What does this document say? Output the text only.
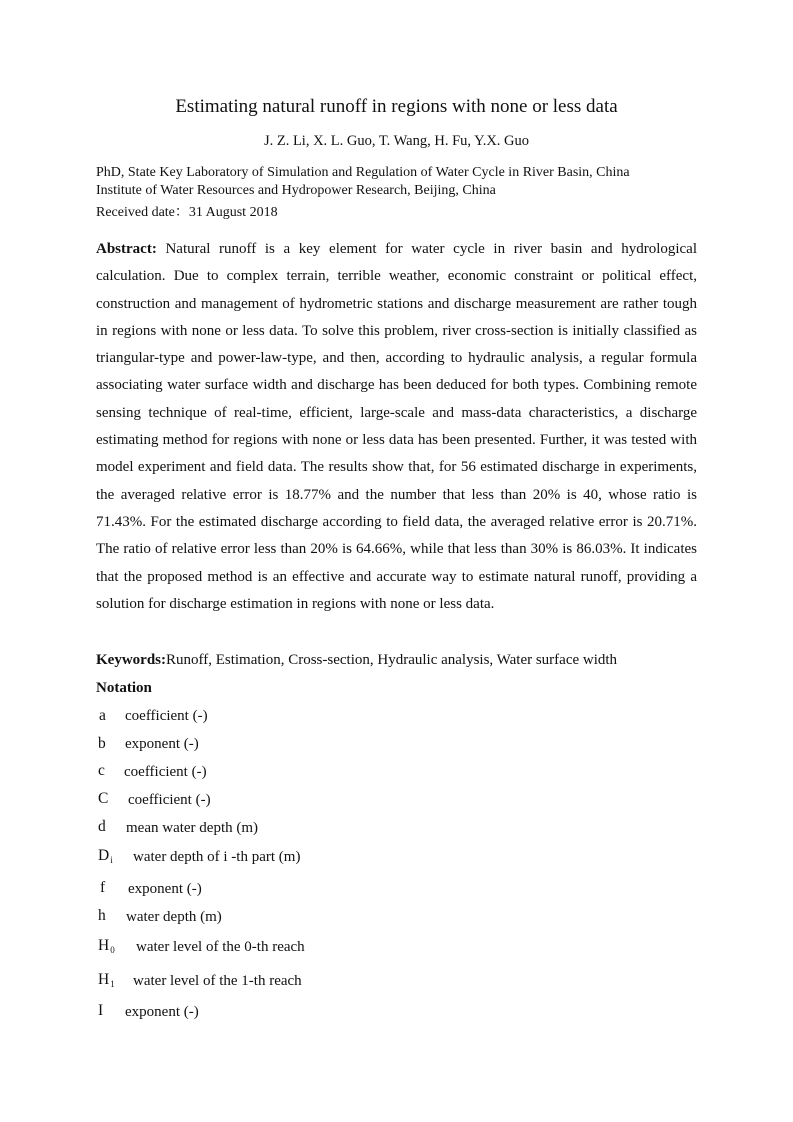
Estimating natural runoff in regions with none or less data
J. Z. Li, X. L. Guo, T. Wang, H. Fu, Y.X. Guo
PhD, State Key Laboratory of Simulation and Regulation of Water Cycle in River Basin, China
Institute of Water Resources and Hydropower Research, Beijing, China
Received date：31 August 2018
Abstract: Natural runoff is a key element for water cycle in river basin and hydrological calculation. Due to complex terrain, terrible weather, economic constraint or political effect, construction and management of hydrometric stations and discharge measurement are rather tough in regions with none or less data. To solve this problem, river cross-section is initially classified as triangular-type and power-law-type, and then, according to hydraulic analysis, a regular formula associating water surface width and discharge has been deduced for both types. Combining remote sensing technique of real-time, efficient, large-scale and mass-data characteristics, a discharge estimating method for regions with none or less data has been presented. Further, it was tested with model experiment and field data. The results show that, for 56 estimated discharge in experiments, the averaged relative error is 18.77% and the number that less than 20% is 40, whose ratio is 71.43%. For the estimated discharge according to field data, the averaged relative error is 20.71%. The ratio of relative error less than 20% is 64.66%, while that less than 30% is 86.03%. It indicates that the proposed method is an effective and accurate way to estimate natural runoff, providing a solution for discharge estimation in regions with none or less data.
Keywords:Runoff, Estimation, Cross-section, Hydraulic analysis, Water surface width
Notation
a coefficient (-)
b exponent (-)
c coefficient (-)
C coefficient (-)
d mean water depth (m)
$D_i$ water depth of i -th part (m)
f exponent (-)
h water depth (m)
$H_0$ water level of the 0-th reach
$H_1$ water level of the 1-th reach
I exponent (-)
